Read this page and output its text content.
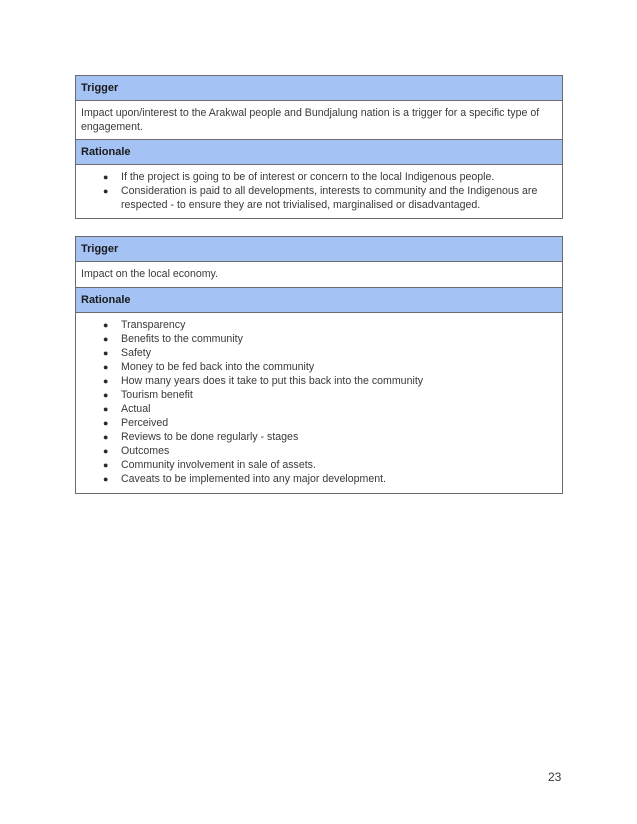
Trigger
Impact upon/interest to the Arakwal people and Bundjalung nation is a trigger for a specific type of engagement.
Rationale
● If the project is going to be of interest or concern to the local Indigenous people.
● Consideration is paid to all developments, interests to community and the Indigenous are respected - to ensure they are not trivialised, marginalised or disadvantaged.
Trigger
Impact on the local economy.
Rationale
● Transparency
● Benefits to the community
● Safety
● Money to be fed back into the community
● How many years does it take to put this back into the community
● Tourism benefit
● Actual
● Perceived
● Reviews to be done regularly - stages
● Outcomes
● Community involvement in sale of assets.
● Caveats to be implemented into any major development.
23
